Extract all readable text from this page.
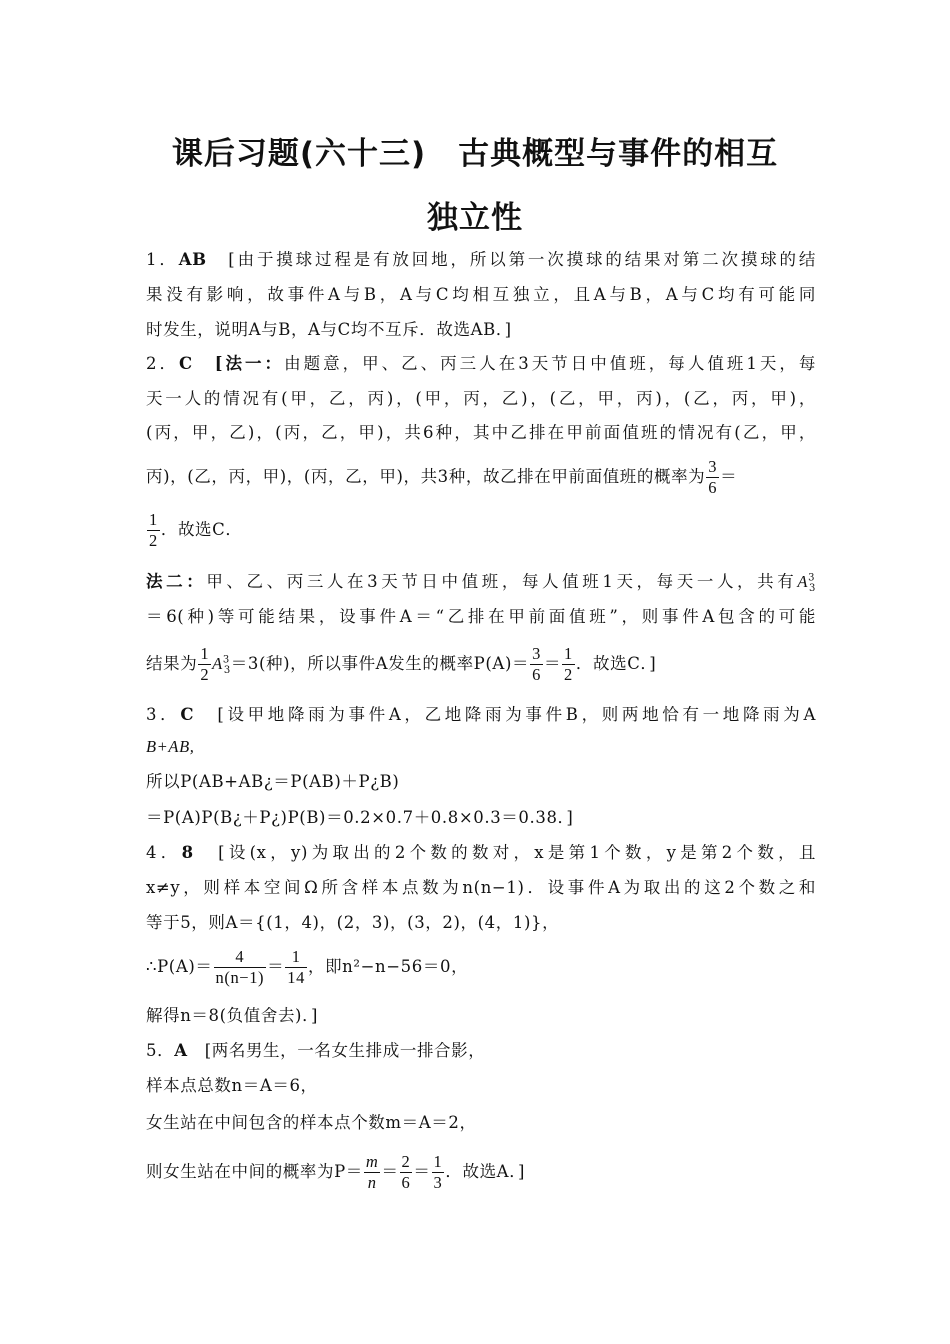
课后习题(六十三)　古典概型与事件的相互
独立性
1．AB　 [由于摸球过程是有放回地，所以第一次摸球的结果对第二次摸球的结
果没有影响，故事件A与B，A与C均相互独立，且A与B，A与C均有可能同
时发生，说明A与B，A与C均不互斥．故选AB．]
2．C　 [法一：由题意，甲、乙、丙三人在3天节日中值班，每人值班1天，每
天一人的情况有(甲，乙，丙)，(甲，丙，乙)，(乙，甲，丙)，(乙，丙，甲)，
(丙，甲，乙)，(丙，乙，甲)，共6种，其中乙排在甲前面值班的情况有(乙，甲，
丙)，(乙，丙，甲)，(丙，乙，甲)，共3种，故乙排在甲前面值班的概率为 $\frac{3}{6}$ ＝
$\frac{1}{2}$ ．故选C．
法二：甲、乙、丙三人在3天节日中值班，每人值班1天，每天一人，共有$A^3_3$
＝6(种)等可能结果，设事件A＝“乙排在甲前面值班”，则事件A包含的可能
结果为 $\frac{1}{2} A^3_3=3$(种)，所以事件A发生的概率$P(A)= \frac{3}{6} = \frac{1}{2}$ ．故选C．]
3．C　 [设甲地降雨为事件A，乙地降雨为事件B，则两地恰有一地降雨为A
B+AB,
所以P(AB+AB¿＝P(AB)＋P¿B)
＝P(A)P(B¿＋P¿)P(B)＝0.2×0.7＋0.8×0.3＝0.38．]
4．8　 [设(x，y)为取出的2个数的数对，x是第1个数，y是第2个数，且
x≠y，则样本空间Ω所含样本点数为n(n−1)．设事件A为取出的这2个数之和
等于5，则A＝{(1，4)，(2，3)，(3，2)，(4，1)}，
∴P(A)＝ $\frac{4}{n(n-1)} = \frac{1}{14}$ ，即n²−n−56＝0，
解得n＝8(负值舍去)．]
5．A　 [两名男生，一名女生排成一排合影，
样本点总数n＝A＝6，
女生站在中间包含的样本点个数m＝A＝2，
则女生站在中间的概率为$P= \frac{m}{n} = \frac{2}{6} = \frac{1}{3}$ ．故选A．]
